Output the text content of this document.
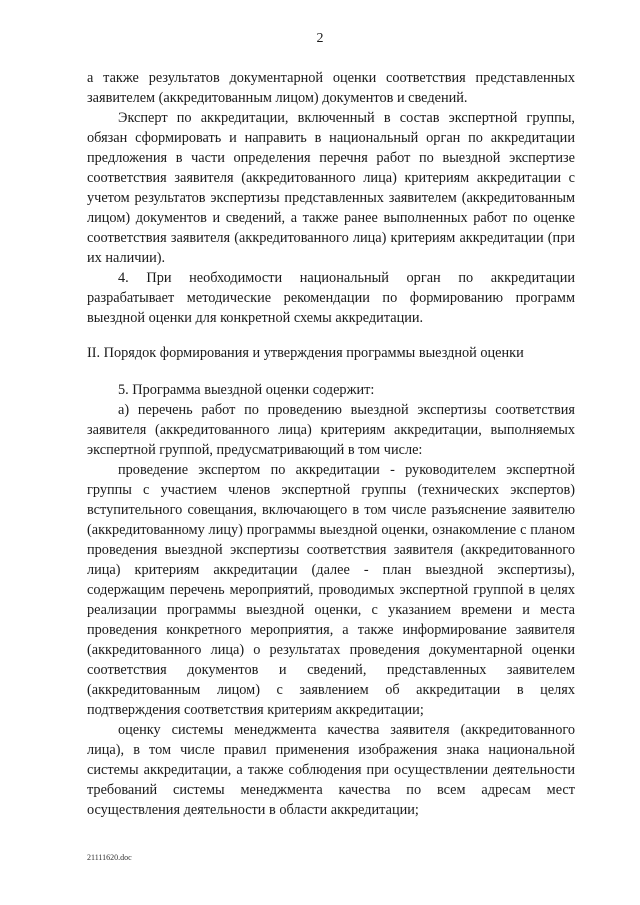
2

а также результатов документарной оценки соответствия представленных заявителем (аккредитованным лицом) документов и сведений.

Эксперт по аккредитации, включенный в состав экспертной группы, обязан сформировать и направить в национальный орган по аккредитации предложения в части определения перечня работ по выездной экспертизе соответствия заявителя (аккредитованного лица) критериям аккредитации с учетом результатов экспертизы представленных заявителем (аккредитованным лицом) документов и сведений, а также ранее выполненных работ по оценке соответствия заявителя (аккредитованного лица) критериям аккредитации (при их наличии).

4. При необходимости национальный орган по аккредитации разрабатывает методические рекомендации по формированию программ выездной оценки для конкретной схемы аккредитации.

II. Порядок формирования и утверждения программы выездной оценки

5. Программа выездной оценки содержит:

а) перечень работ по проведению выездной экспертизы соответствия заявителя (аккредитованного лица) критериям аккредитации, выполняемых экспертной группой, предусматривающий в том числе:

проведение экспертом по аккредитации - руководителем экспертной группы с участием членов экспертной группы (технических экспертов) вступительного совещания, включающего в том числе разъяснение заявителю (аккредитованному лицу) программы выездной оценки, ознакомление с планом проведения выездной экспертизы соответствия заявителя (аккредитованного лица) критериям аккредитации (далее - план выездной экспертизы), содержащим перечень мероприятий, проводимых экспертной группой в целях реализации программы выездной оценки, с указанием времени и места проведения конкретного мероприятия, а также информирование заявителя (аккредитованного лица) о результатах проведения документарной оценки соответствия документов и сведений, представленных заявителем (аккредитованным лицом) с заявлением об аккредитации в целях подтверждения соответствия критериям аккредитации;

оценку системы менеджмента качества заявителя (аккредитованного лица), в том числе правил применения изображения знака национальной системы аккредитации, а также соблюдения при осуществлении деятельности требований системы менеджмента качества по всем адресам мест осуществления деятельности в области аккредитации;

21111620.doc
